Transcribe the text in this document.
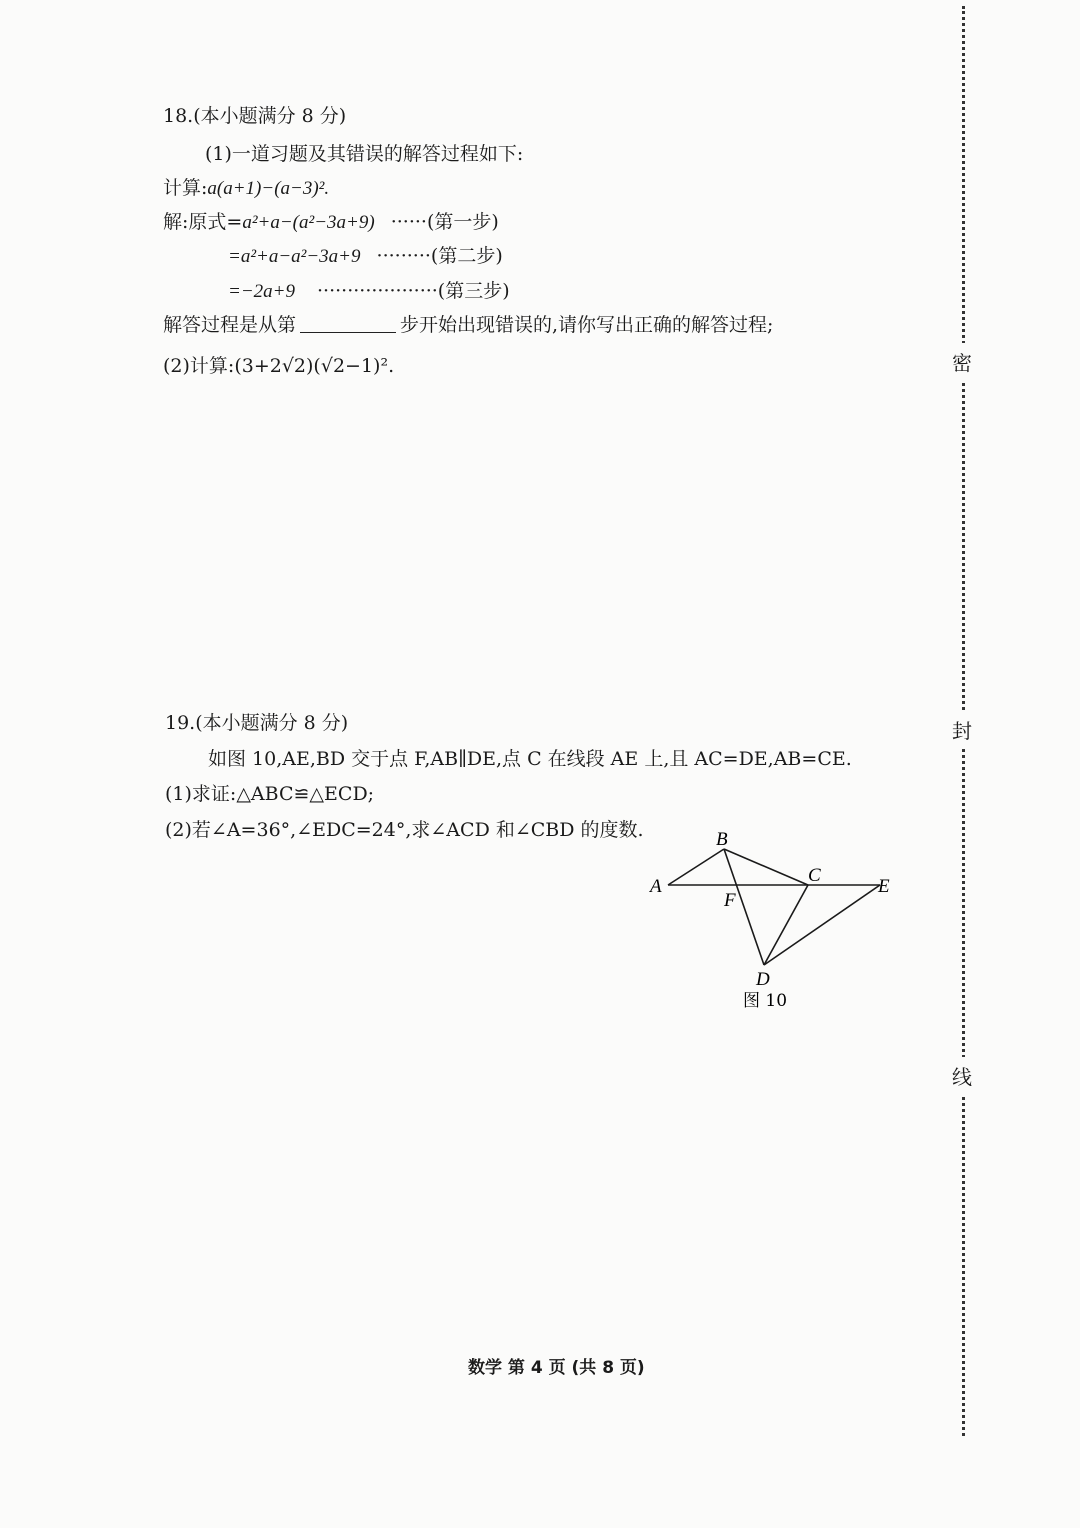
18.(本小题满分 8 分)
(1)一道习题及其错误的解答过程如下:
计算:a(a+1)−(a−3)².
解:原式=a²+a−(a²−3a+9) ······(第一步)
=a²+a−a²−3a+9 ·········(第二步)
=−2a+9 ····················(第三步)
解答过程是从第	步开始出现错误的,请你写出正确的解答过程;
(2)计算:(3+2√2)(√2−1)².
19.(本小题满分 8 分)
如图 10,AE,BD 交于点 F,AB∥DE,点 C 在线段 AE 上,且 AC=DE,AB=CE.
(1)求证:△ABC≌△ECD;
(2)若∠A=36°,∠EDC=24°,求∠ACD 和∠CBD 的度数.	B
A
C
E
F
D
图 10
密
封
线
数学 第 4 页 (共 8 页)
